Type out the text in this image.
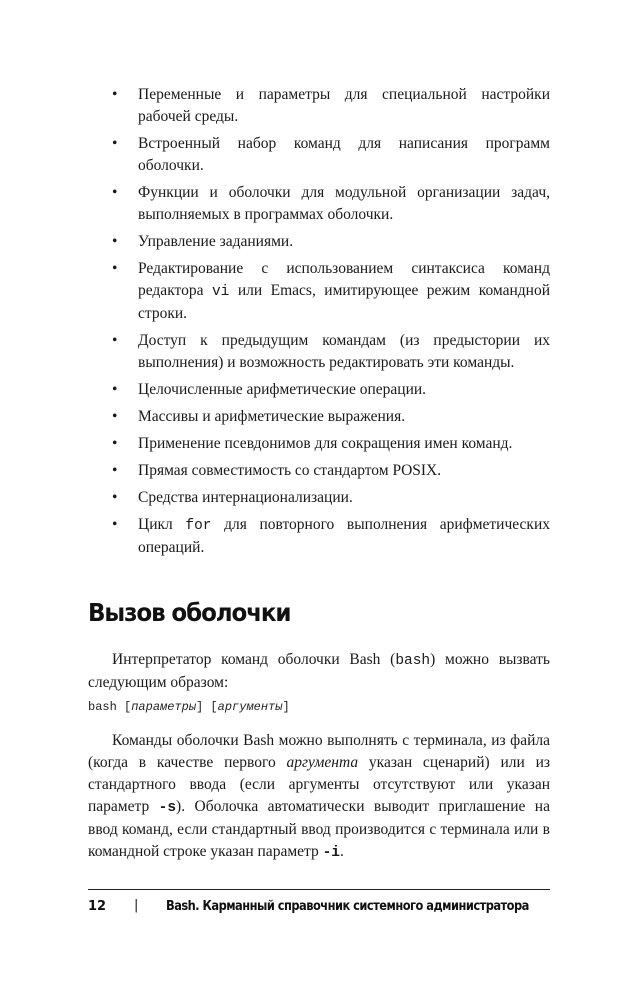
• Переменные и параметры для специальной настройки рабочей среды.
• Встроенный набор команд для написания программ оболочки.
• Функции и оболочки для модульной организации задач, выполняемых в программах оболочки.
• Управление заданиями.
• Редактирование с использованием синтаксиса команд редактора vi или Emacs, имитирующее режим командной строки.
• Доступ к предыдущим командам (из предыстории их выполнения) и возможность редактировать эти команды.
• Целочисленные арифметические операции.
• Массивы и арифметические выражения.
• Применение псевдонимов для сокращения имен команд.
• Прямая совместимость со стандартом POSIX.
• Средства интернационализации.
• Цикл for для повторного выполнения арифметических операций.
Вызов оболочки

Интерпретатор команд оболочки Bash (bash) можно вызвать следующим образом:

bash [параметры] [аргументы]

Команды оболочки Bash можно выполнять с терминала, из файла (когда в качестве первого аргумента указан сценарий) или из стандартного ввода (если аргументы отсутствуют или указан параметр -s). Оболочка автоматически выводит приглашение на ввод команд, если стандартный ввод производится с терминала или в командной строке указан параметр -i.

12 | Bash. Карманный справочник системного администратора
